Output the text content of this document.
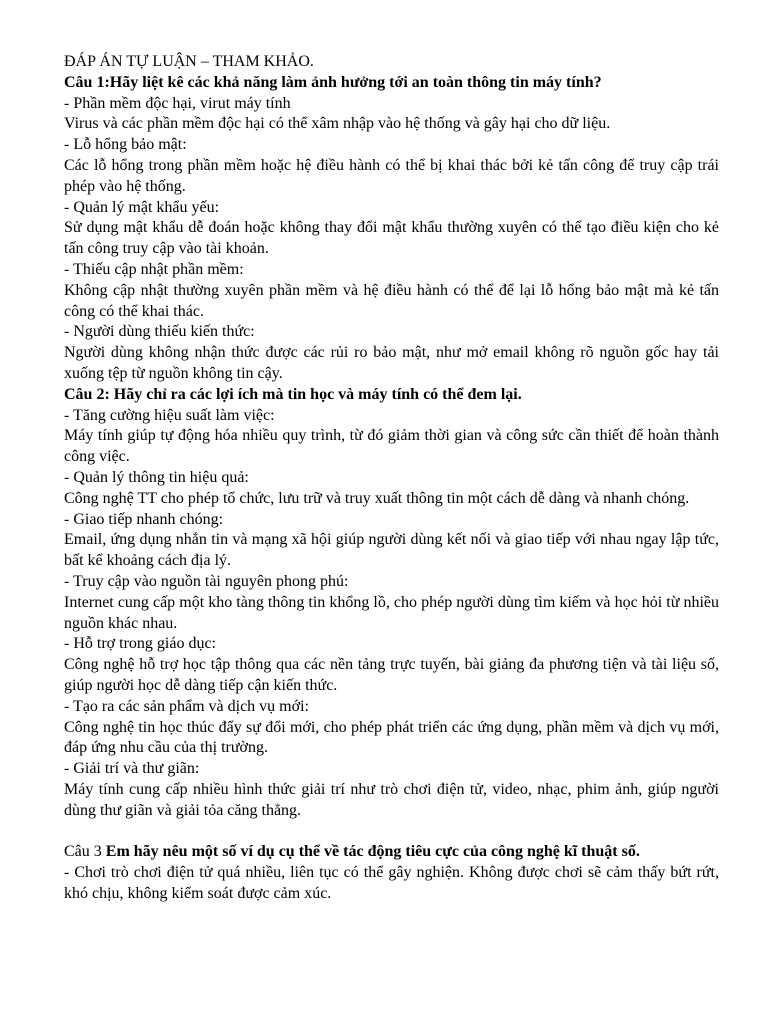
ĐÁP ÁN TỰ LUẬN – THAM KHẢO.

Câu 1:Hãy liệt kê các khả năng làm ảnh hưởng tới an toàn thông tin máy tính?

- Phần mềm độc hại, virut máy tính

Virus và các phần mềm độc hại có thể xâm nhập vào hệ thống và gây hại cho dữ liệu.

- Lỗ hổng bảo mật:

Các lỗ hổng trong phần mềm hoặc hệ điều hành có thể bị khai thác bởi kẻ tấn công để truy cập trái phép vào hệ thống.

- Quản lý mật khẩu yếu:

Sử dụng mật khẩu dễ đoán hoặc không thay đổi mật khẩu thường xuyên có thể tạo điều kiện cho kẻ tấn công truy cập vào tài khoản.

- Thiếu cập nhật phần mềm:

Không cập nhật thường xuyên phần mềm và hệ điều hành có thể để lại lỗ hổng bảo mật mà kẻ tấn công có thể khai thác.

- Người dùng thiếu kiến thức:

Người dùng không nhận thức được các rủi ro bảo mật, như mở email không rõ nguồn gốc hay tải xuống tệp từ nguồn không tin cậy.

Câu 2: Hãy chỉ ra các lợi ích mà tin học và máy tính có thể đem lại.

- Tăng cường hiệu suất làm việc:

Máy tính giúp tự động hóa nhiều quy trình, từ đó giảm thời gian và công sức cần thiết để hoàn thành công việc.

- Quản lý thông tin hiệu quả:

Công nghệ TT cho phép tổ chức, lưu trữ và truy xuất thông tin một cách dễ dàng và nhanh chóng.

- Giao tiếp nhanh chóng:

Email, ứng dụng nhắn tin và mạng xã hội giúp người dùng kết nối và giao tiếp với nhau ngay lập tức, bất kể khoảng cách địa lý.

- Truy cập vào nguồn tài nguyên phong phú:

Internet cung cấp một kho tàng thông tin khổng lồ, cho phép người dùng tìm kiếm và học hỏi từ nhiều nguồn khác nhau.

- Hỗ trợ trong giáo dục:

Công nghệ hỗ trợ học tập thông qua các nền tảng trực tuyến, bài giảng đa phương tiện và tài liệu số, giúp người học dễ dàng tiếp cận kiến thức.

- Tạo ra các sản phẩm và dịch vụ mới:

Công nghệ tin học thúc đẩy sự đổi mới, cho phép phát triển các ứng dụng, phần mềm và dịch vụ mới, đáp ứng nhu cầu của thị trường.

- Giải trí và thư giãn:

Máy tính cung cấp nhiều hình thức giải trí như trò chơi điện tử, video, nhạc, phim ảnh, giúp người dùng thư giãn và giải tỏa căng thẳng.

Câu 3 Em hãy nêu một số ví dụ cụ thể về tác động tiêu cực của công nghệ kĩ thuật số.

- Chơi trò chơi điện tử quá nhiều, liên tục có thể gây nghiện. Không được chơi sẽ cảm thấy bứt rứt, khó chịu, không kiểm soát được cảm xúc.
